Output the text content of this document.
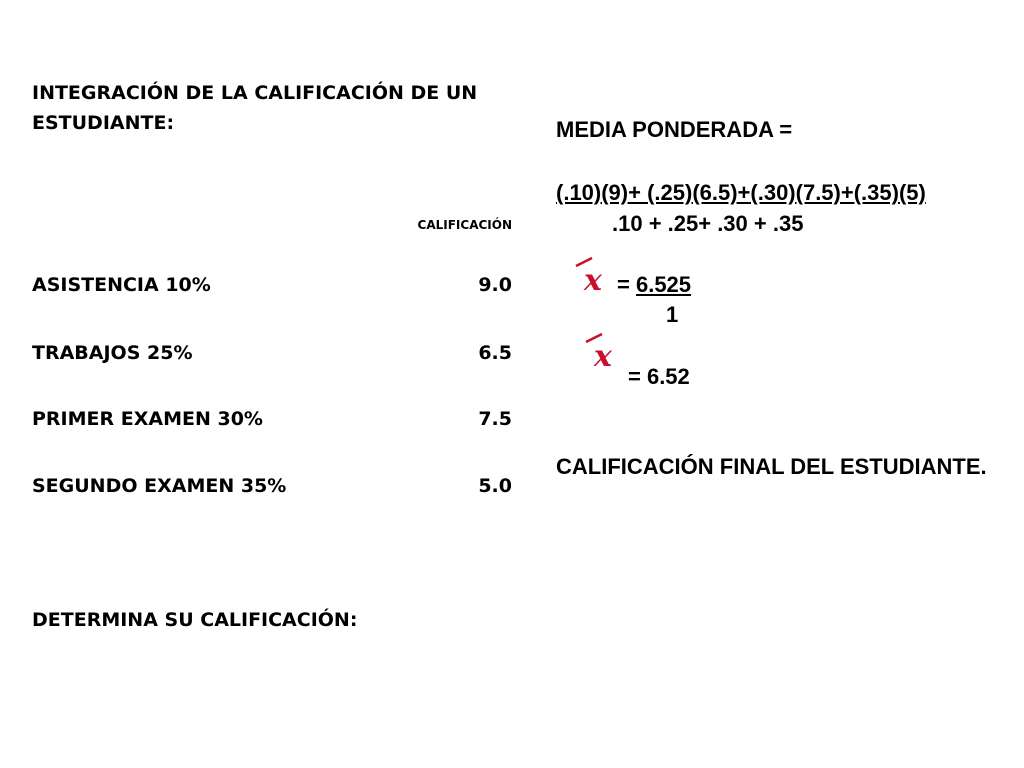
INTEGRACIÓN DE LA CALIFICACIÓN DE UN ESTUDIANTE:
CALIFICACIÓN
ASISTENCIA 10%	9.0
TRABAJOS 25%	6.5
PRIMER EXAMEN 30%	7.5
SEGUNDO EXAMEN 35%	5.0
DETERMINA SU CALIFICACIÓN:
MEDIA PONDERADA =
(.10)(9)+ (.25)(6.5)+(.30)(7.5)+(.35)(5)
.10 + .25+ .30 + .35
x = 6.525
1
x
= 6.52
CALIFICACIÓN FINAL DEL ESTUDIANTE.
